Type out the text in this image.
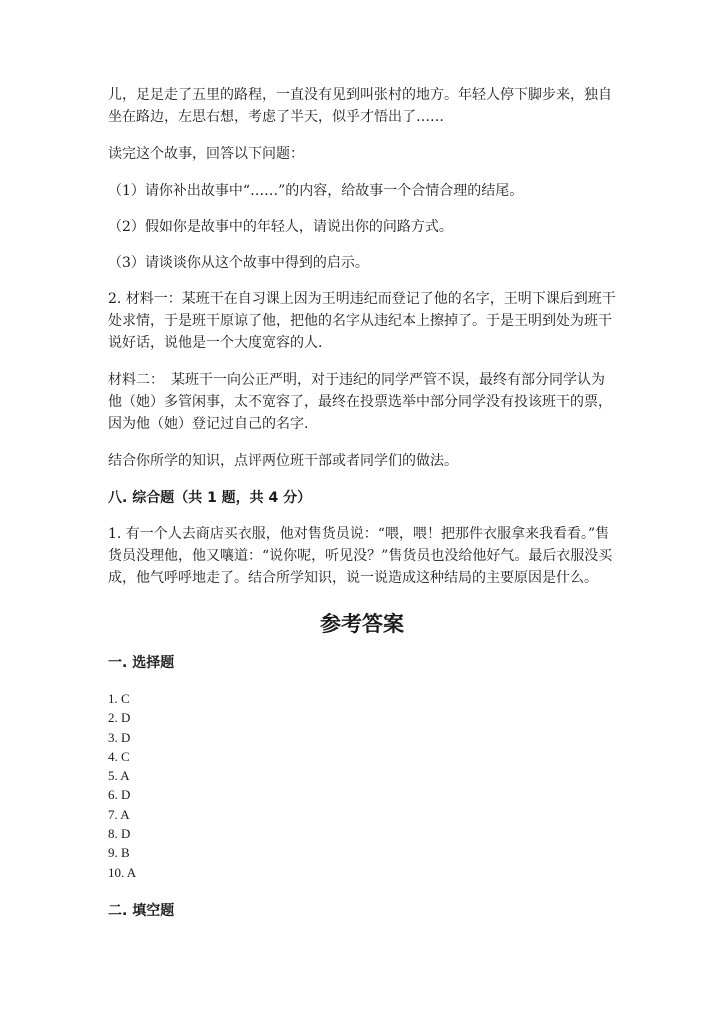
儿，足足走了五里的路程，一直没有见到叫张村的地方。年轻人停下脚步来，独自坐在路边，左思右想，考虑了半天，似乎才悟出了……

读完这个故事，回答以下问题：

（1）请你补出故事中“……”的内容，给故事一个合情合理的结尾。

（2）假如你是故事中的年轻人，请说出你的问路方式。

（3）请谈谈你从这个故事中得到的启示。

2. 材料一：某班干在自习课上因为王明违纪而登记了他的名字，王明下课后到班干处求情，于是班干原谅了他，把他的名字从违纪本上擦掉了。于是王明到处为班干说好话，说他是一个大度宽容的人.

材料二：　某班干一向公正严明，对于违纪的同学严管不误，最终有部分同学认为他（她）多管闲事，太不宽容了，最终在投票选举中部分同学没有投该班干的票，因为他（她）登记过自己的名字.

结合你所学的知识，点评两位班干部或者同学们的做法。

八. 综合题（共 1 题，共 4 分）

1. 有一个人去商店买衣服，他对售货员说：“喂，喂！把那件衣服拿来我看看。”售货员没理他，他又嚷道：“说你呢，听见没？”售货员也没给他好气。最后衣服没买成，他气呼呼地走了。结合所学知识，说一说造成这种结局的主要原因是什么。

参考答案

一. 选择题

1. C
2. D
3. D
4. C
5. A
6. D
7. A
8. D
9. B
10. A

二. 填空题
